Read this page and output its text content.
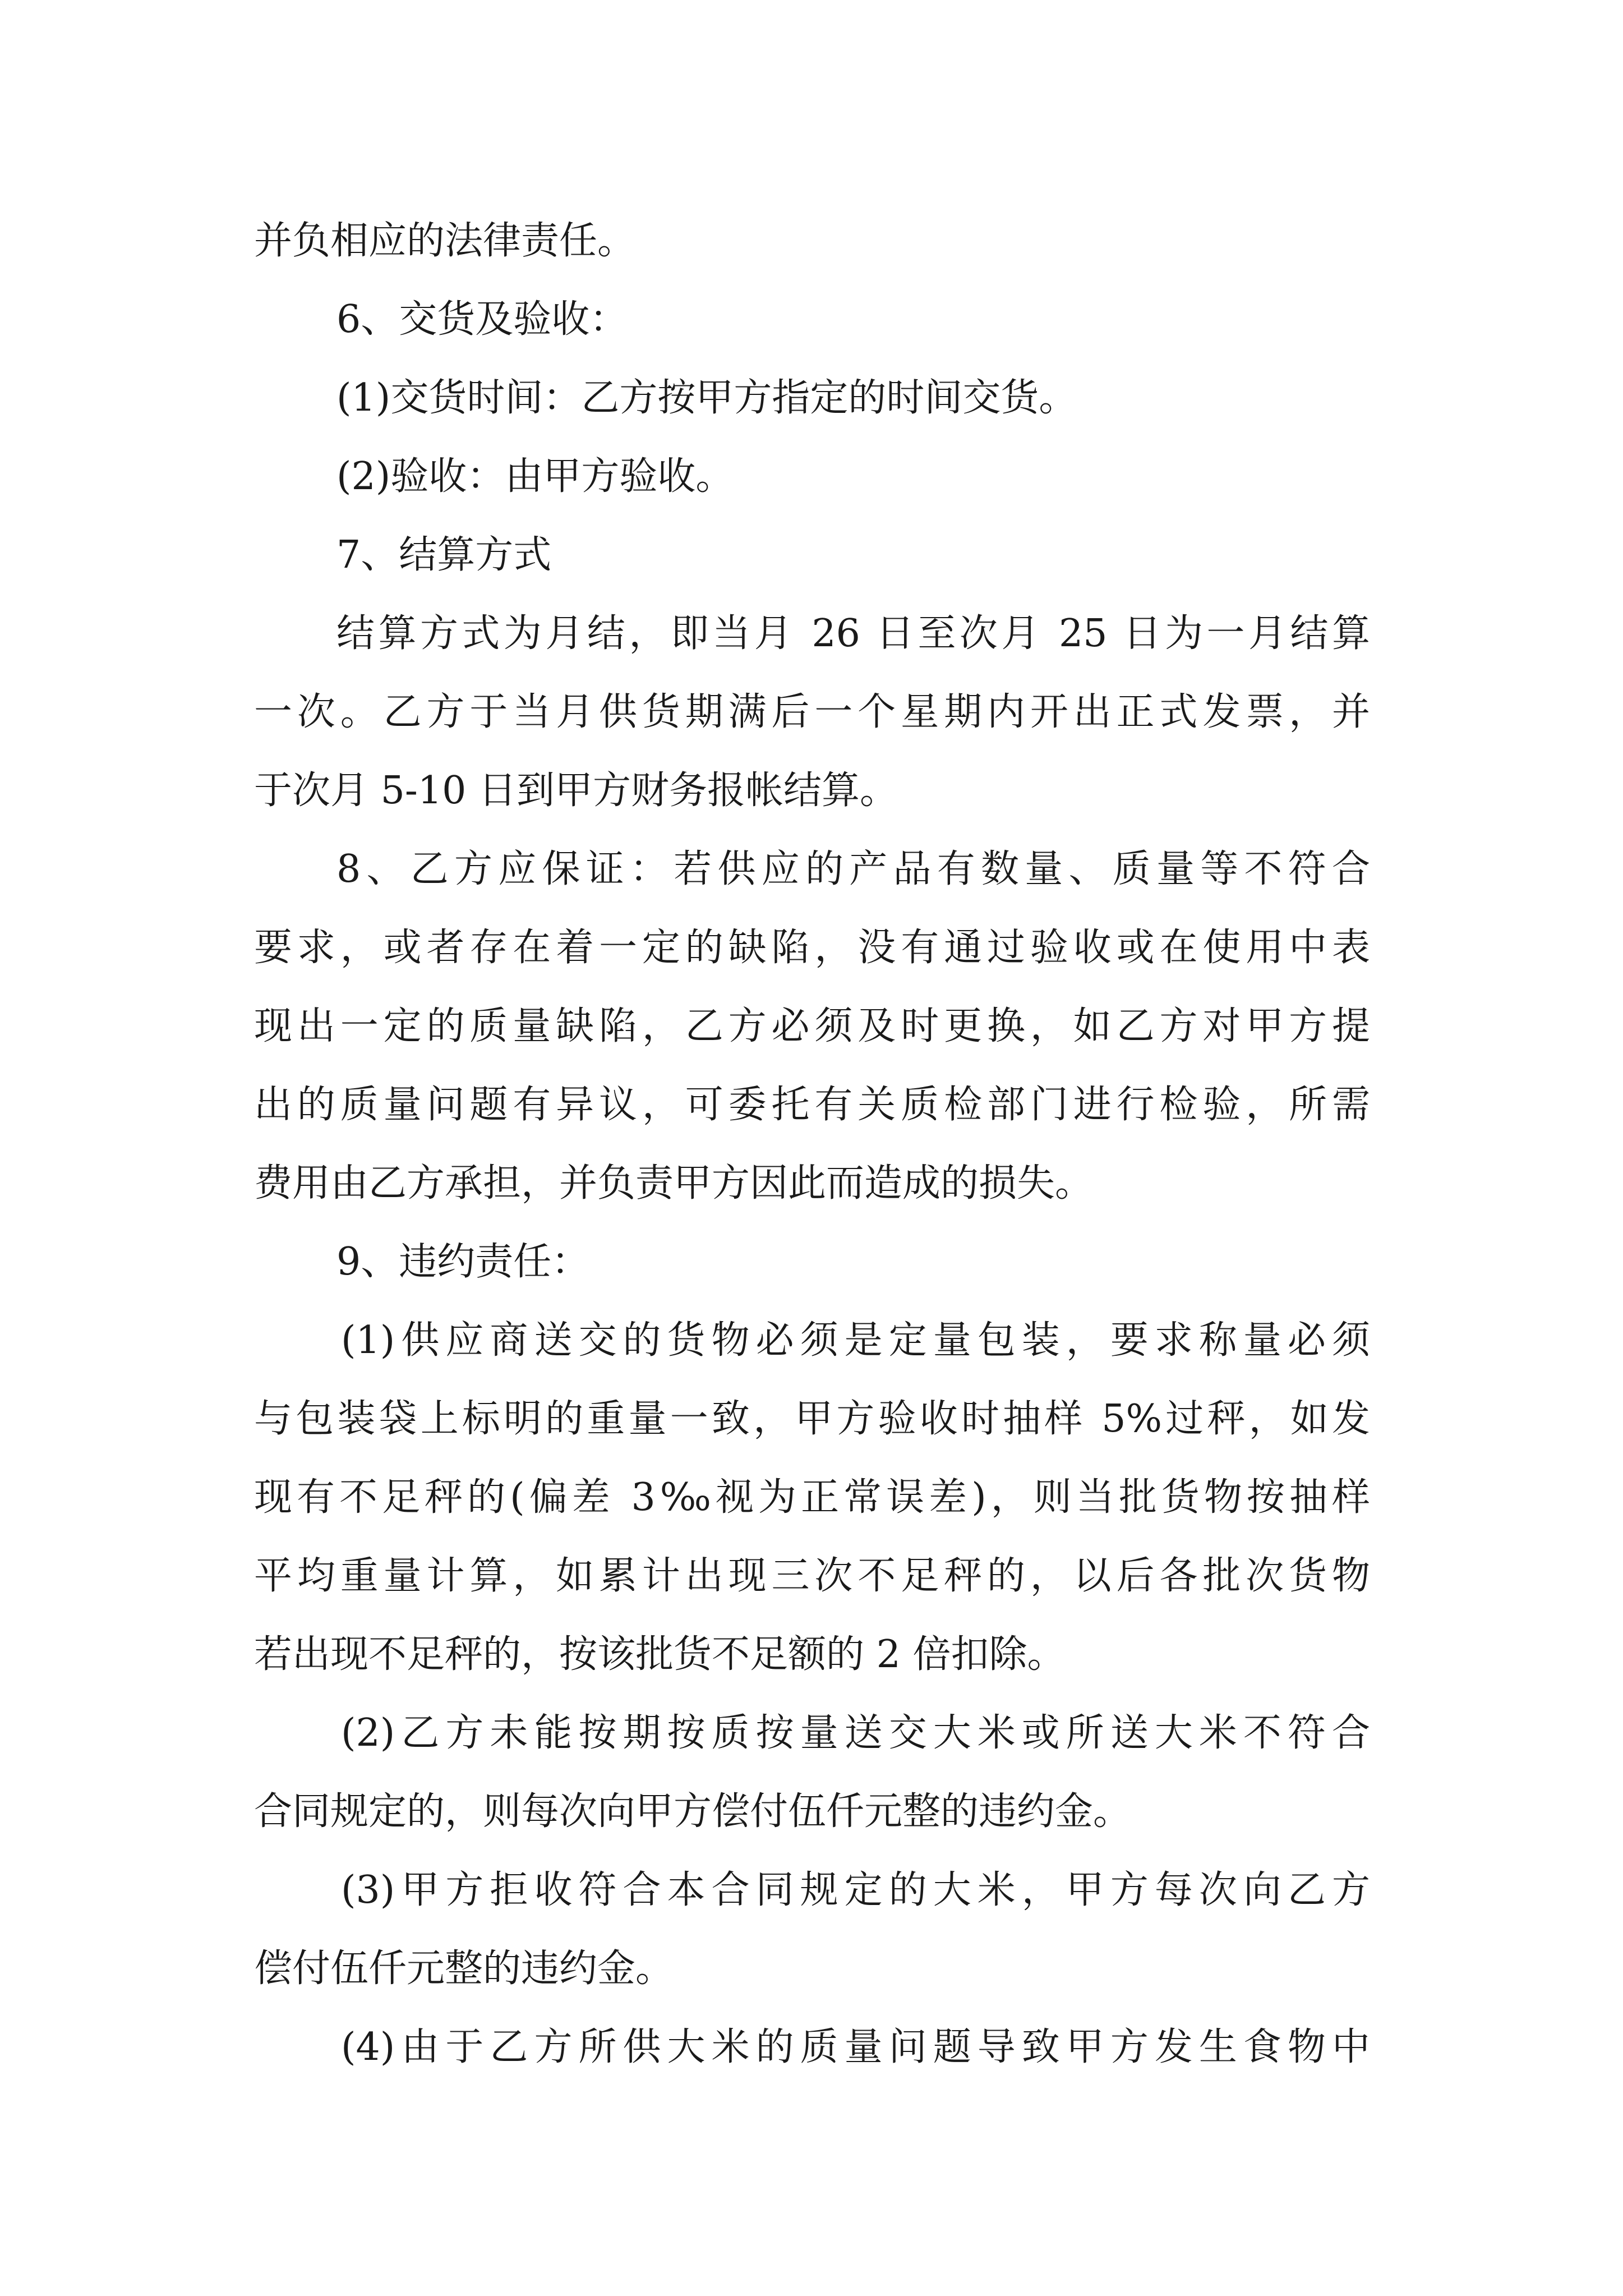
并负相应的法律责任。

6、交货及验收：

(1)交货时间：乙方按甲方指定的时间交货。

(2)验收：由甲方验收。

7、结算方式

结算方式为月结，即当月 26 日至次月 25 日为一月结算

一次。乙方于当月供货期满后一个星期内开出正式发票，并

于次月 5-10 日到甲方财务报帐结算。

8、乙方应保证：若供应的产品有数量、质量等不符合

要求，或者存在着一定的缺陷，没有通过验收或在使用中表

现出一定的质量缺陷，乙方必须及时更换，如乙方对甲方提

出的质量问题有异议，可委托有关质检部门进行检验，所需

费用由乙方承担，并负责甲方因此而造成的损失。

9、违约责任：

(1)供应商送交的货物必须是定量包装，要求称量必须

与包装袋上标明的重量一致，甲方验收时抽样 5%过秤，如发

现有不足秤的(偏差 3‰视为正常误差)，则当批货物按抽样

平均重量计算，如累计出现三次不足秤的，以后各批次货物

若出现不足秤的，按该批货不足额的 2 倍扣除。

(2)乙方未能按期按质按量送交大米或所送大米不符合

合同规定的，则每次向甲方偿付伍仟元整的违约金。

(3)甲方拒收符合本合同规定的大米，甲方每次向乙方

偿付伍仟元整的违约金。

(4)由于乙方所供大米的质量问题导致甲方发生食物中
